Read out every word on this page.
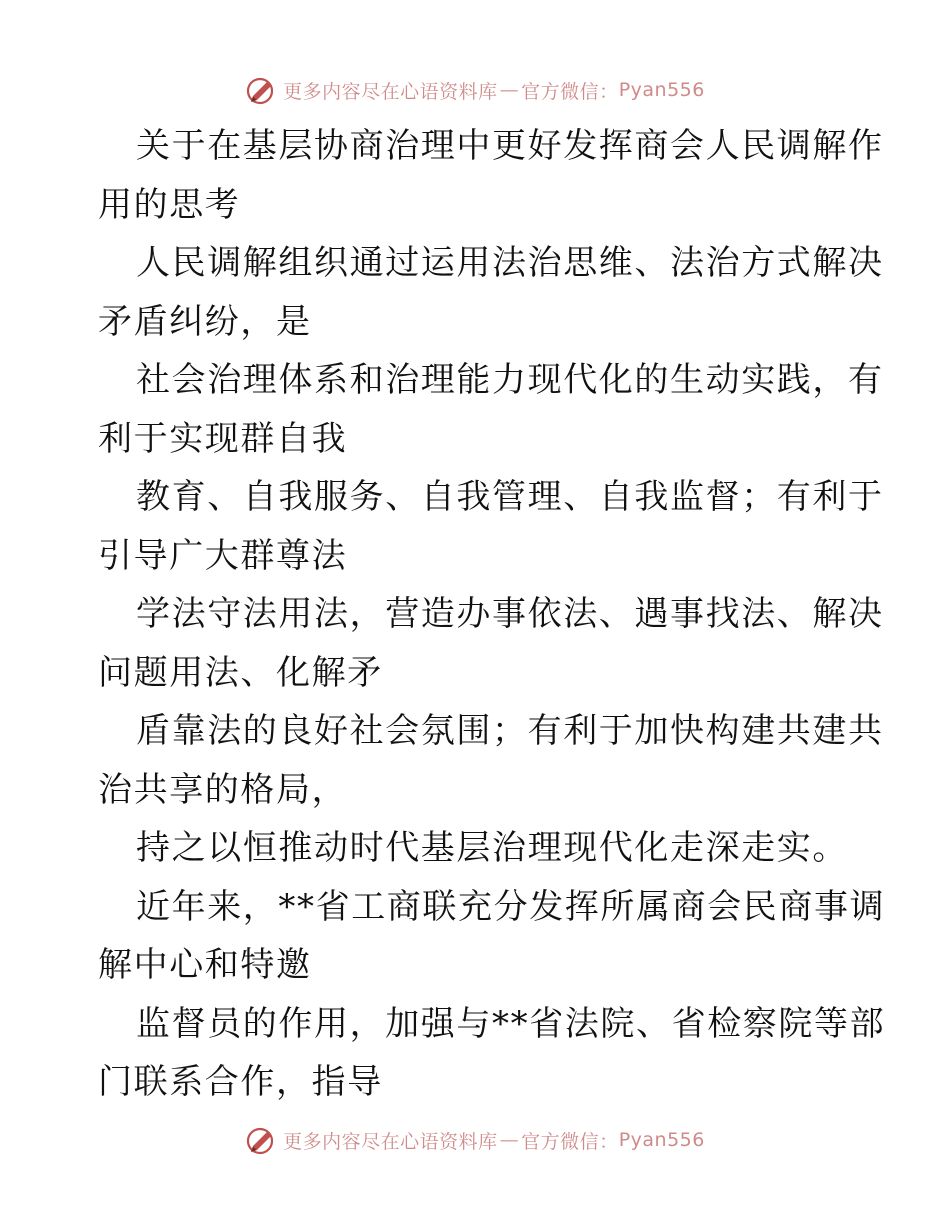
更多内容尽在心语资料库 — 官方微信： Pyan556
关于在基层协商治理中更好发挥商会人民调解作
用的思考
人民调解组织通过运用法治思维、法治方式解决
矛盾纠纷，是
社会治理体系和治理能力现代化的生动实践，有
利于实现群自我
教育、自我服务、自我管理、自我监督；有利于
引导广大群尊法
学法守法用法，营造办事依法、遇事找法、解决
问题用法、化解矛
盾靠法的良好社会氛围；有利于加快构建共建共
治共享的格局，
持之以恒推动时代基层治理现代化走深走实。
近年来，**省工商联充分发挥所属商会民商事调
解中心和特邀
监督员的作用，加强与**省法院、省检察院等部
门联系合作，指导
更多内容尽在心语资料库 — 官方微信： Pyan556
